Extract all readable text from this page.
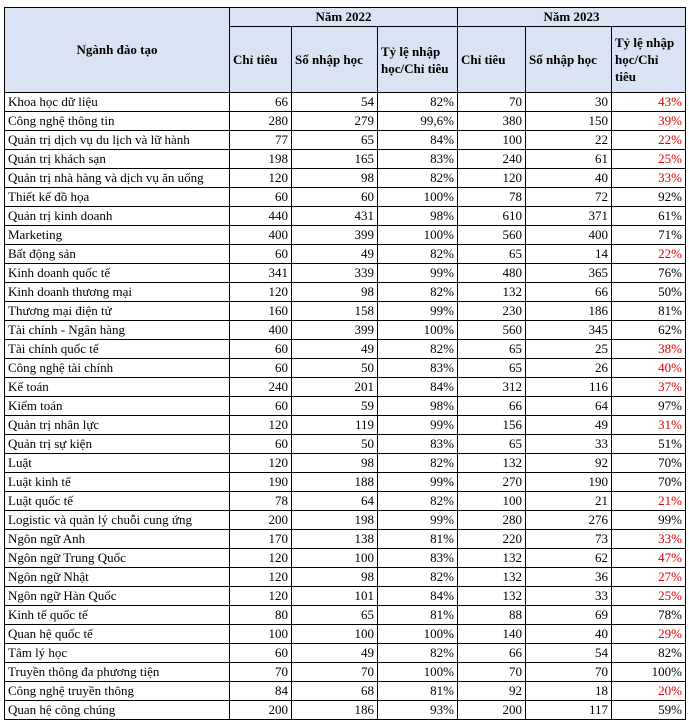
Ngành đào tạo	Năm 2022			Năm 2023		
	Chỉ tiêu	Số nhập học	Tỷ lệ nhập học/Chỉ tiêu	Chỉ tiêu	Số nhập học	Tỷ lệ nhập học/Chỉ tiêu
Khoa học dữ liệu	66	54	82%	70	30	43%
Công nghệ thông tin	280	279	99,6%	380	150	39%
Quản trị dịch vụ du lịch và lữ hành	77	65	84%	100	22	22%
Quản trị khách sạn	198	165	83%	240	61	25%
Quản trị nhà hàng và dịch vụ ăn uống	120	98	82%	120	40	33%
Thiết kế đồ họa	60	60	100%	78	72	92%
Quản trị kinh doanh	440	431	98%	610	371	61%
Marketing	400	399	100%	560	400	71%
Bất động sản	60	49	82%	65	14	22%
Kinh doanh quốc tế	341	339	99%	480	365	76%
Kinh doanh thương mại	120	98	82%	132	66	50%
Thương mại điện tử	160	158	99%	230	186	81%
Tài chính - Ngân hàng	400	399	100%	560	345	62%
Tài chính quốc tế	60	49	82%	65	25	38%
Công nghệ tài chính	60	50	83%	65	26	40%
Kế toán	240	201	84%	312	116	37%
Kiểm toán	60	59	98%	66	64	97%
Quản trị nhân lực	120	119	99%	156	49	31%
Quản trị sự kiện	60	50	83%	65	33	51%
Luật	120	98	82%	132	92	70%
Luật kinh tế	190	188	99%	270	190	70%
Luật quốc tế	78	64	82%	100	21	21%
Logistic và quản lý chuỗi cung ứng	200	198	99%	280	276	99%
Ngôn ngữ Anh	170	138	81%	220	73	33%
Ngôn ngữ Trung Quốc	120	100	83%	132	62	47%
Ngôn ngữ Nhật	120	98	82%	132	36	27%
Ngôn ngữ Hàn Quốc	120	101	84%	132	33	25%
Kinh tế quốc tế	80	65	81%	88	69	78%
Quan hệ quốc tế	100	100	100%	140	40	29%
Tâm lý học	60	49	82%	66	54	82%
Truyền thông đa phương tiện	70	70	100%	70	70	100%
Công nghệ truyền thông	84	68	81%	92	18	20%
Quan hệ công chúng	200	186	93%	200	117	59%
